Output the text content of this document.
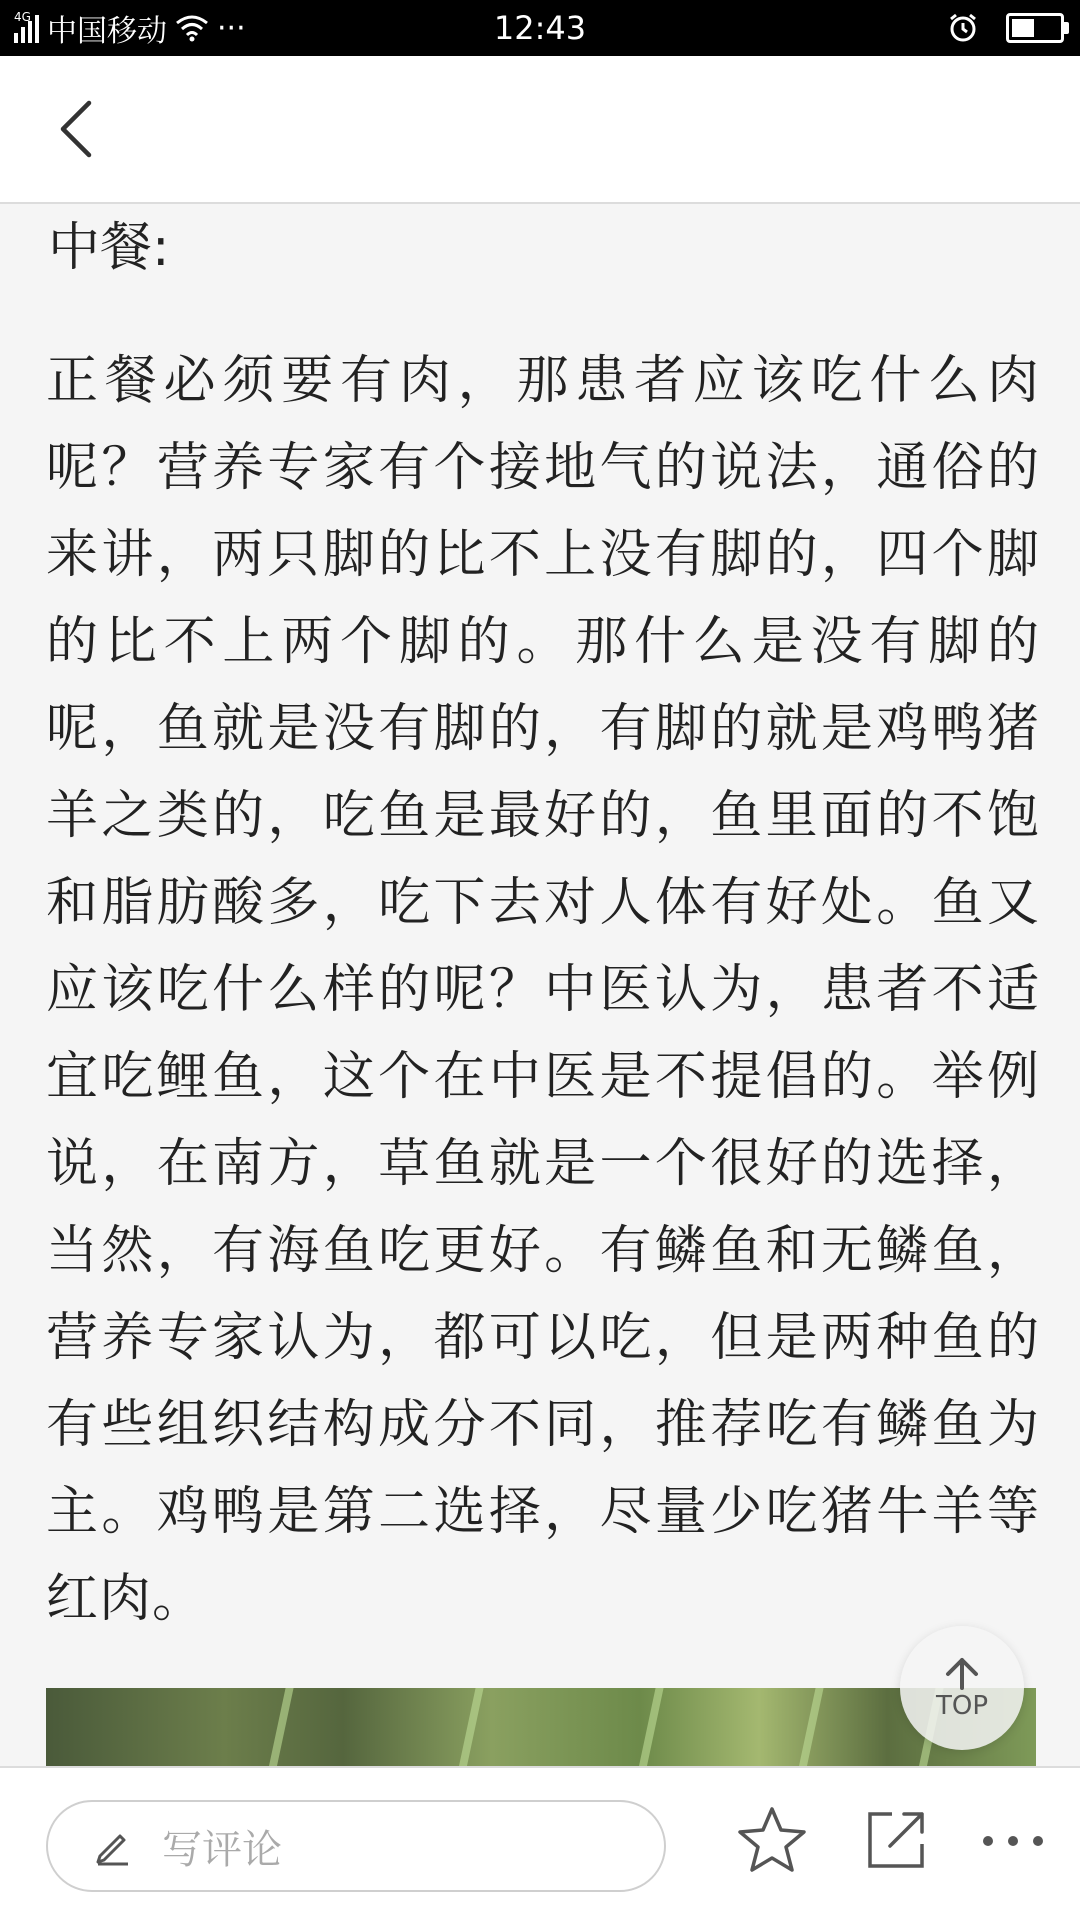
4G 中国移动 ···	12:43
中餐:
正餐必须要有肉，那患者应该吃什么肉呢？营养专家有个接地气的说法，通俗的来讲，两只脚的比不上没有脚的，四个脚的比不上两个脚的。那什么是没有脚的呢，鱼就是没有脚的，有脚的就是鸡鸭猪羊之类的，吃鱼是最好的，鱼里面的不饱和脂肪酸多，吃下去对人体有好处。鱼又应该吃什么样的呢？中医认为，患者不适宜吃鲤鱼，这个在中医是不提倡的。举例说，在南方，草鱼就是一个很好的选择，当然，有海鱼吃更好。有鳞鱼和无鳞鱼，营养专家认为，都可以吃，但是两种鱼的有些组织结构成分不同，推荐吃有鳞鱼为主。鸡鸭是第二选择，尽量少吃猪牛羊等红肉。
TOP
写评论
